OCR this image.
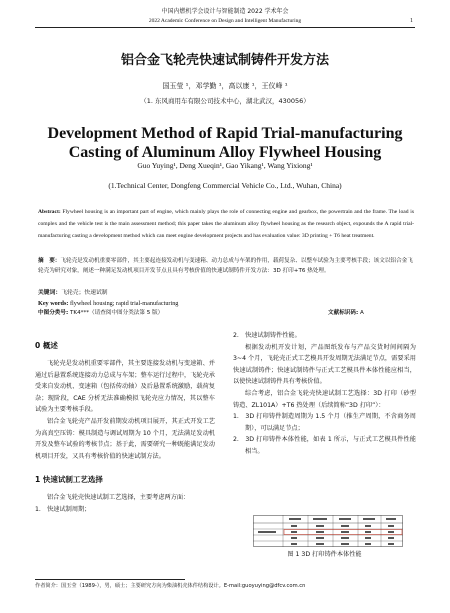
中国内燃机学会设计与智能制造 2022 学术年会
2022 Academic Conference on Design and Intelligent Manufacturing	1
铝合金飞轮壳快速试制铸件开发方法
国玉莹 ¹，邓学勤 ¹，高以康 ¹，王仪峰 ¹
（1. 东风商用车有限公司技术中心，湖北武汉，430056）
Development Method of Rapid Trial-manufacturing
Casting of Aluminum Alloy Flywheel Housing
Guo Yuying¹, Deng Xueqin¹, Gao Yikang¹, Wang Yixiong¹
(1.Technical Center, Dongfeng Commercial Vehicle Co., Ltd., Wuhan, China)
Abstract: Flywheel housing is an important part of engine, which mainly plays the role of connecting engine and gearbox, the powertrain and the frame. The load is complex and the vehicle test is the main assessment method; this paper takes the aluminum alloy flywheel housing as the research object, expounds the A rapid trial-manufacturing casting a development method which can meet engine development projects and has evaluation value: 3D printing + T6 heat treatment.
摘　要：飞轮壳是发动机重要零部件，其主要起连接发动机与变速箱、动力总成与车架的作用，载荷复杂、以整车试验为主要考核手段；该文以铝合金飞轮壳为研究对象，阐述一种满足发动机项目开发节点且具有考核价值的快速试制铸件开发方法：3D 打印+T6 热处理。
关键词：飞轮壳；快速试制
Key words: flywheel housing; rapid trial-manufacturing
中图分类号: TK4***（请查阅中图分类法第 5 版）	文献标识码: A
0 概述

飞轮壳是发动机重要零部件，其主要连接发动机与变速箱、并通过后悬置系统连接动力总成与车架；整车运行过程中，飞轮壳承受来自发动机、变速箱（包括传动轴）及后悬置系统激励，载荷复杂；现阶段，CAE 分析无法准确模拟飞轮壳应力情况，其以整车试验为主要考核手段。

铝合金飞轮壳产品开发前期发动机项目展开，其正式开发工艺为高真空压铸：模具制造与调试周期为 10 个月，无法满足发动机开发及整车试验的考核节点；基于此，需要研究一种既能满足发动机项目开发，又具有考核价值的快速试制方法。

1 快速试制工艺选择

铝合金飞轮壳快速试制工艺选择，主要考虑两方面：

1.　快速试制周期；

2.　快速试制铸件性能。

根据发动机开发计划，产品图纸发布与产品交货时间间隔为 3~4 个月，飞轮壳正式工艺模具开发周期无法满足节点，需要采用快速试制铸件；快速试制铸件与正式工艺模具件本体性能应相当，以使快速试制铸件具有考核价值。

综合考虑，铝合金飞轮壳快速试制工艺选择：3D 打印（砂型铸造、ZL101A）+T6 热处理（后续简称“3D 打印”）：

1.　3D 打印铸件制造周期为 1.5 个月（推生产周期，不含商务周期），可以满足节点；

2.　3D 打印铸件本体性能，如表 1 所示，与正式工艺模具件性能相当。

图 1 3D 打印铸件本体性能
作者简介：国玉莹（1989-），男，硕士；主要研究方向为柴油机壳体件结构设计。E-mail:guoyuying@dfcv.com.cn
